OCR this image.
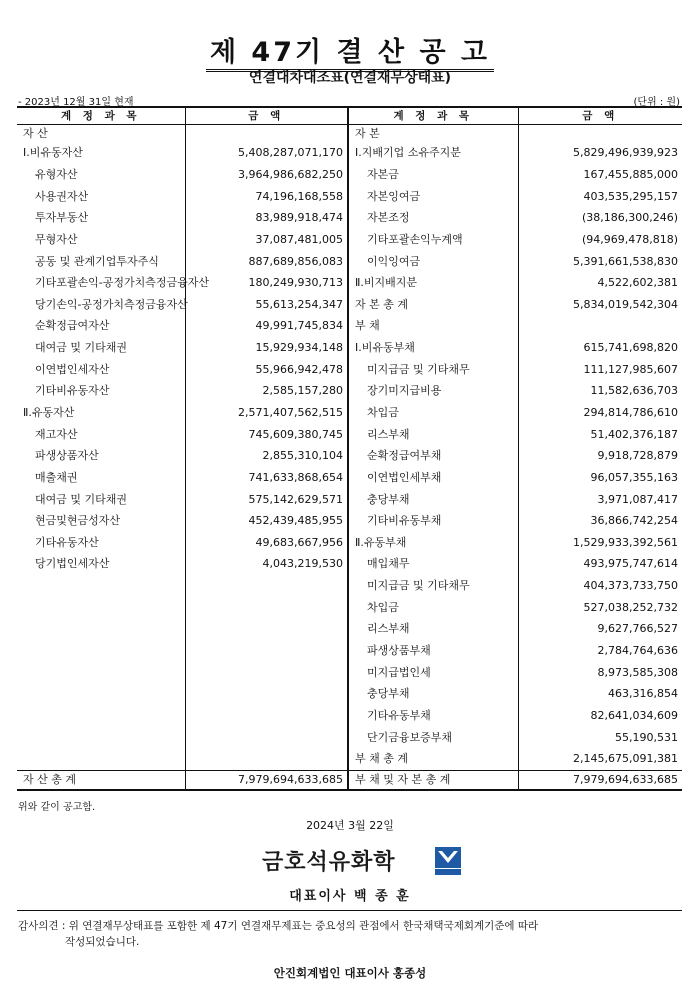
제 47기 결 산 공 고
연결대차대조표(연결재무상태표)
- 2023년 12월 31일 현재	(단위 : 원)
계 정 과 목	금 액	계 정 과 목	금 액
자 산		자 본	
Ⅰ.비유동자산	5,408,287,071,170	Ⅰ.지배기업 소유주지분	5,829,496,939,923
유형자산	3,964,986,682,250	자본금	167,455,885,000
사용권자산	74,196,168,558	자본잉여금	403,535,295,157
투자부동산	83,989,918,474	자본조정	(38,186,300,246)
무형자산	37,087,481,005	기타포괄손익누계액	(94,969,478,818)
공동 및 관계기업투자주식	887,689,856,083	이익잉여금	5,391,661,538,830
기타포괄손익-공정가치측정금융자산	180,249,930,713	Ⅱ.비지배지분	4,522,602,381
당기손익-공정가치측정금융자산	55,613,254,347	자 본 총 계	5,834,019,542,304
순확정급여자산	49,991,745,834	부 채	
대여금 및 기타채권	15,929,934,148	Ⅰ.비유동부채	615,741,698,820
이연법인세자산	55,966,942,478	미지급금 및 기타채무	111,127,985,607
기타비유동자산	2,585,157,280	장기미지급비용	11,582,636,703
Ⅱ.유동자산	2,571,407,562,515	차입금	294,814,786,610
재고자산	745,609,380,745	리스부채	51,402,376,187
파생상품자산	2,855,310,104	순확정급여부채	9,918,728,879
매출채권	741,633,868,654	이연법인세부채	96,057,355,163
대여금 및 기타채권	575,142,629,571	충당부채	3,971,087,417
현금및현금성자산	452,439,485,955	기타비유동부채	36,866,742,254
기타유동자산	49,683,667,956	Ⅱ.유동부채	1,529,933,392,561
당기법인세자산	4,043,219,530	매입채무	493,975,747,614
		미지급금 및 기타채무	404,373,733,750
		차입금	527,038,252,732
		리스부채	9,627,766,527
		파생상품부채	2,784,764,636
		미지급법인세	8,973,585,308
		충당부채	463,316,854
		기타유동부채	82,641,034,609
		단기금융보증부채	55,190,531
		부 채 총 계	2,145,675,091,381
자 산 총 계	7,979,694,633,685	부 채 및 자 본 총 계	7,979,694,633,685
위와 같이 공고함.
2024년 3월 22일
금호석유화학
대표이사 백 종 훈
감사의견 : 위 연결재무상태표를 포함한 제 47기 연결재무제표는 중요성의 관점에서 한국채택국제회계기준에 따라
작성되었습니다.
안진회계법인 대표이사 홍종성
